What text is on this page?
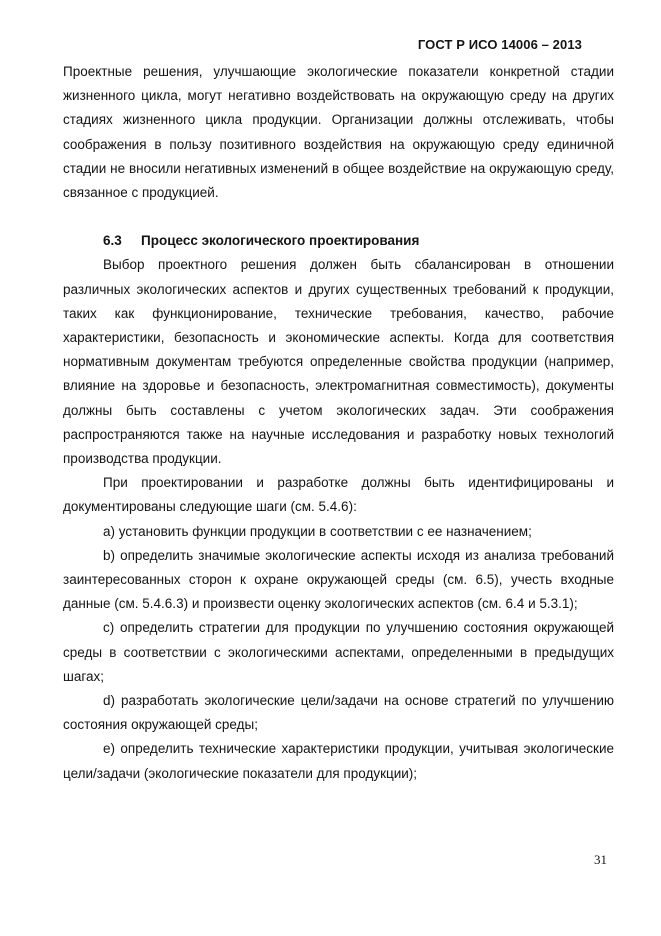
ГОСТ Р ИСО 14006 – 2013

Проектные решения, улучшающие экологические показатели конкретной стадии жизненного цикла, могут негативно воздействовать на окружающую среду на других стадиях жизненного цикла продукции. Организации должны отслеживать, чтобы соображения в пользу позитивного воздействия на окружающую среду единичной стадии не вносили негативных изменений в общее воздействие на окружающую среду, связанное с продукцией.

6.3 Процесс экологического проектирования

Выбор проектного решения должен быть сбалансирован в отношении различных экологических аспектов и других существенных требований к продукции, таких как функционирование, технические требования, качество, рабочие характеристики, безопасность и экономические аспекты. Когда для соответствия нормативным документам требуются определенные свойства продукции (например, влияние на здоровье и безопасность, электромагнитная совместимость), документы должны быть составлены с учетом экологических задач. Эти соображения распространяются также на научные исследования и разработку новых технологий производства продукции.

При проектировании и разработке должны быть идентифицированы и документированы следующие шаги (см. 5.4.6):

a) установить функции продукции в соответствии с ее назначением;

b) определить значимые экологические аспекты исходя из анализа требований заинтересованных сторон к охране окружающей среды (см. 6.5), учесть входные данные (см. 5.4.6.3) и произвести оценку экологических аспектов (см. 6.4 и 5.3.1);

c) определить стратегии для продукции по улучшению состояния окружающей среды в соответствии с экологическими аспектами, определенными в предыдущих шагах;

d) разработать экологические цели/задачи на основе стратегий по улучшению состояния окружающей среды;

e) определить технические характеристики продукции, учитывая экологические цели/задачи (экологические показатели для продукции);

31
